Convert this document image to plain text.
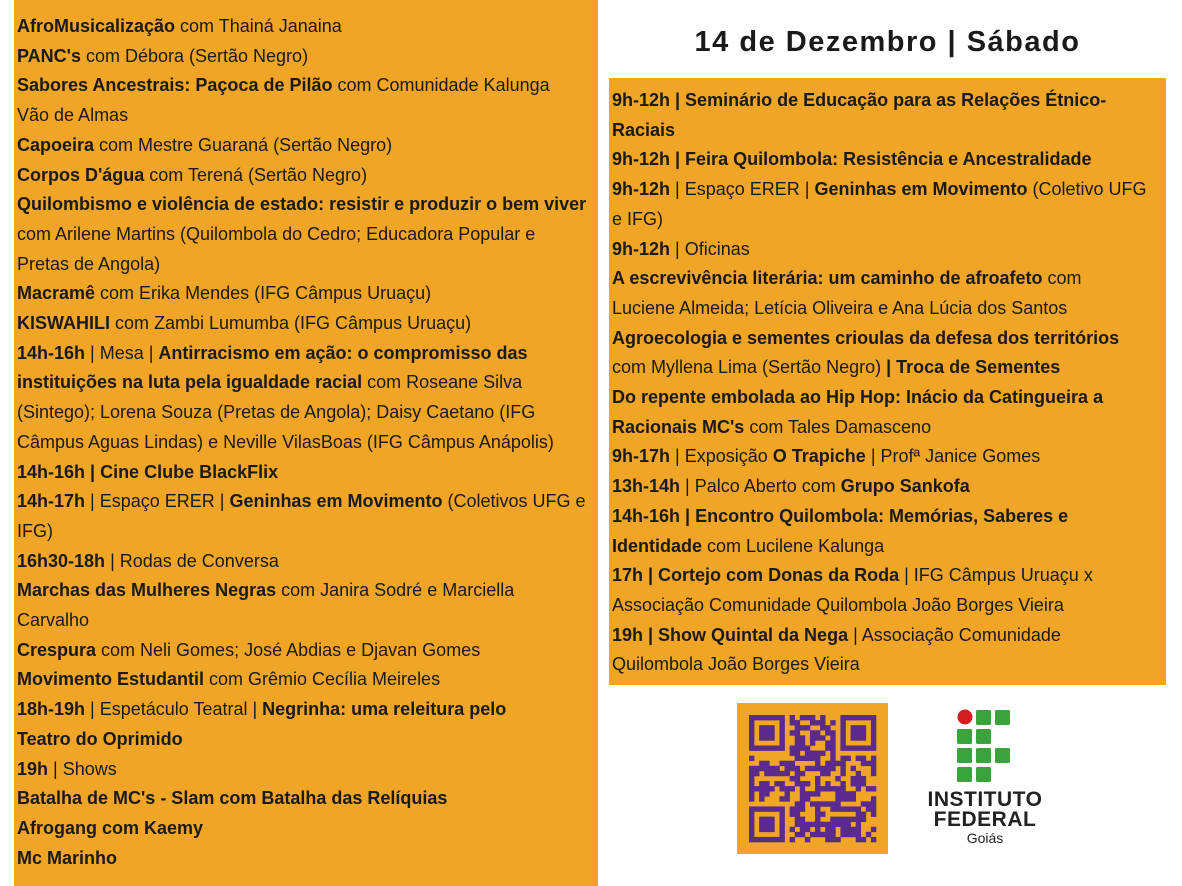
AfroMusicalização com Thainá Janaina
PANC's com Débora (Sertão Negro)
Sabores Ancestrais: Paçoca de Pilão com Comunidade Kalunga
Vão de Almas
Capoeira com Mestre Guaraná (Sertão Negro)
Corpos D'água com Terená (Sertão Negro)
Quilombismo e violência de estado: resistir e produzir o bem viver
com Arilene Martins (Quilombola do Cedro; Educadora Popular e
Pretas de Angola)
Macramê com Erika Mendes (IFG Câmpus Uruaçu)
KISWAHILI com Zambi Lumumba (IFG Câmpus Uruaçu)
14h-16h | Mesa | Antirracismo em ação: o compromisso das
instituições na luta pela igualdade racial com Roseane Silva
(Sintego); Lorena Souza (Pretas de Angola); Daisy Caetano (IFG
Câmpus Aguas Lindas) e Neville VilasBoas (IFG Câmpus Anápolis)
14h-16h | Cine Clube BlackFlix
14h-17h | Espaço ERER | Geninhas em Movimento (Coletivos UFG e
IFG)
16h30-18h | Rodas de Conversa
Marchas das Mulheres Negras com Janira Sodré e Marciella
Carvalho
Crespura com Neli Gomes; José Abdias e Djavan Gomes
Movimento Estudantil com Grêmio Cecília Meireles
18h-19h | Espetáculo Teatral | Negrinha: uma releitura pelo
Teatro do Oprimido
19h | Shows
Batalha de MC's - Slam com Batalha das Relíquias
Afrogang com Kaemy
Mc Marinho
14 de Dezembro | Sábado
9h-12h | Seminário de Educação para as Relações Étnico-
Raciais
9h-12h | Feira Quilombola: Resistência e Ancestralidade
9h-12h | Espaço ERER | Geninhas em Movimento (Coletivo UFG
e IFG)
9h-12h | Oficinas
A escrevivência literária: um caminho de afroafeto com
Luciene Almeida; Letícia Oliveira e Ana Lúcia dos Santos
Agroecologia e sementes crioulas da defesa dos territórios
com Myllena Lima (Sertão Negro) | Troca de Sementes
Do repente embolada ao Hip Hop: Inácio da Catingueira a
Racionais MC's com Tales Damasceno
9h-17h | Exposição O Trapiche | Profª Janice Gomes
13h-14h | Palco Aberto com Grupo Sankofa
14h-16h | Encontro Quilombola: Memórias, Saberes e
Identidade com Lucilene Kalunga
17h | Cortejo com Donas da Roda | IFG Câmpus Uruaçu x
Associação Comunidade Quilombola João Borges Vieira
19h | Show Quintal da Nega | Associação Comunidade
Quilombola João Borges Vieira
INSTITUTO
FEDERAL
Goiás
